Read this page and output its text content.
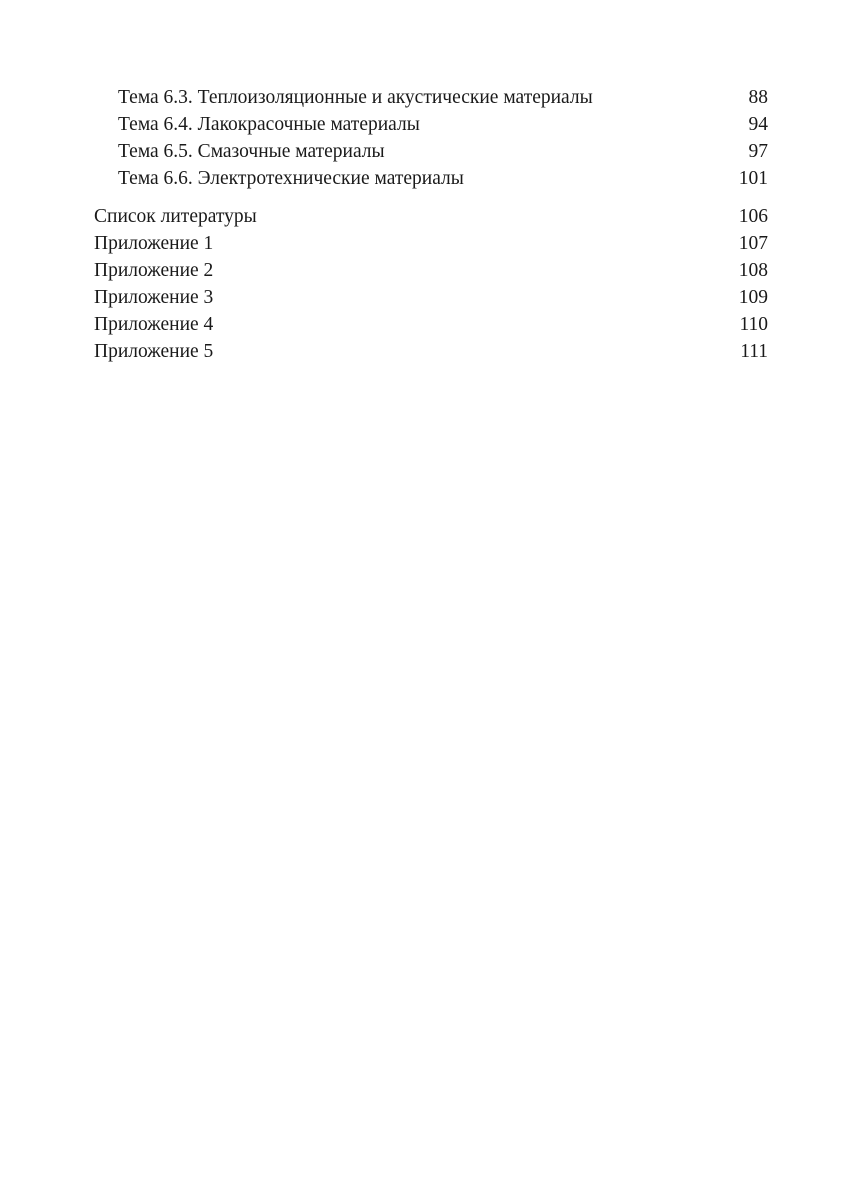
Тема 6.3. Теплоизоляционные и акустические материалы	88
Тема 6.4. Лакокрасочные материалы	94
Тема 6.5. Смазочные материалы	97
Тема 6.6. Электротехнические материалы	101
Список литературы	106
Приложение 1	107
Приложение 2	108
Приложение 3	109
Приложение 4	110
Приложение 5	111
